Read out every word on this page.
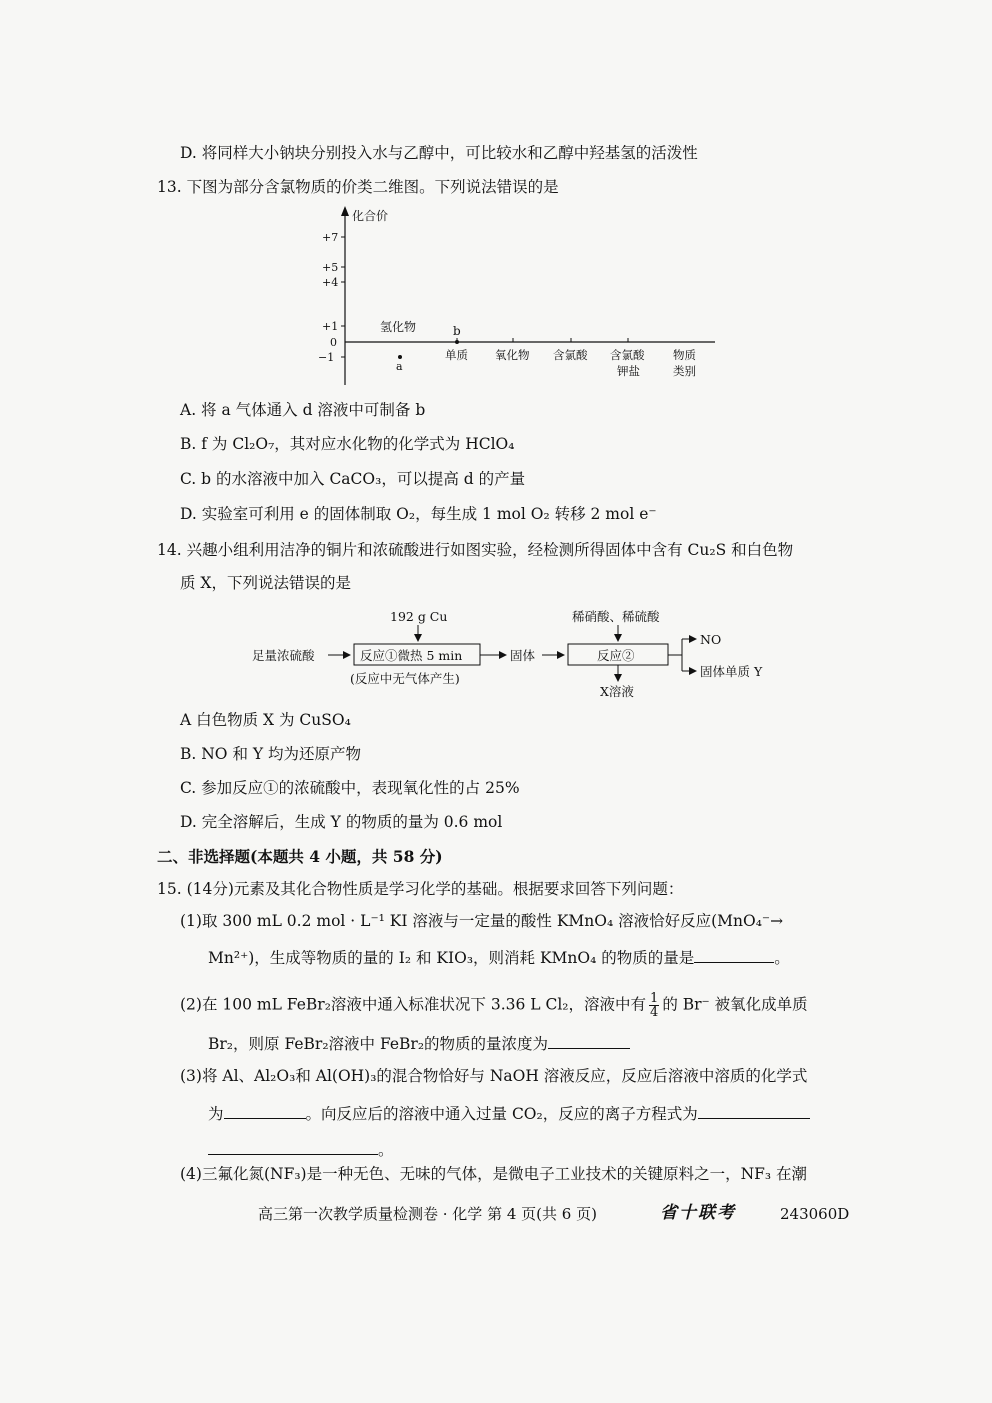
D. 将同样大小钠块分别投入水与乙醇中，可比较水和乙醇中羟基氢的活泼性
13. 下图为部分含氯物质的价类二维图。下列说法错误的是
化合价
+7
+5
+4
+1
0
−1
氢化物	b
a
单质 氧化物 含氯酸 含氯酸
钾盐
物质
类别
A. 将 a 气体通入 d 溶液中可制备 b
B. f 为 Cl₂O₇，其对应水化物的化学式为 HClO₄
C. b 的水溶液中加入 CaCO₃，可以提高 d 的产量
D. 实验室可利用 e 的固体制取 O₂，每生成 1 mol O₂ 转移 2 mol e⁻
14. 兴趣小组利用洁净的铜片和浓硫酸进行如图实验，经检测所得固体中含有 Cu₂S 和白色物
质 X，下列说法错误的是
192 g Cu
足量浓硫酸	反应①微热 5 min
(反应中无气体产生)
固体
稀硝酸、稀硫酸
反应②
X溶液
NO
固体单质 Y
A 白色物质 X 为 CuSO₄
B. NO 和 Y 均为还原产物
C. 参加反应①的浓硫酸中，表现氧化性的占 25%
D. 完全溶解后，生成 Y 的物质的量为 0.6 mol
二、非选择题(本题共 4 小题，共 58 分)
15. (14分)元素及其化合物性质是学习化学的基础。根据要求回答下列问题：
(1)取 300 mL 0.2 mol · L⁻¹ KI 溶液与一定量的酸性 KMnO₄ 溶液恰好反应(MnO₄⁻→
Mn²⁺)，生成等物质的量的 I₂ 和 KIO₃，则消耗 KMnO₄ 的物质的量是	。
(2)在 100 mL FeBr₂溶液中通入标准状况下 3.36 L Cl₂，溶液中有 $\frac{1}{4}$ 的 Br⁻ 被氧化成单质
Br₂，则原 FeBr₂溶液中 FeBr₂的物质的量浓度为
(3)将 Al、Al₂O₃和 Al(OH)₃的混合物恰好与 NaOH 溶液反应，反应后溶液中溶质的化学式
为	。向反应后的溶液中通入过量 CO₂，反应的离子方程式为
。
(4)三氟化氮(NF₃)是一种无色、无味的气体，是微电子工业技术的关键原料之一，NF₃ 在潮
高三第一次教学质量检测卷 · 化学 第 4 页(共 6 页)	省十联考	243060D
